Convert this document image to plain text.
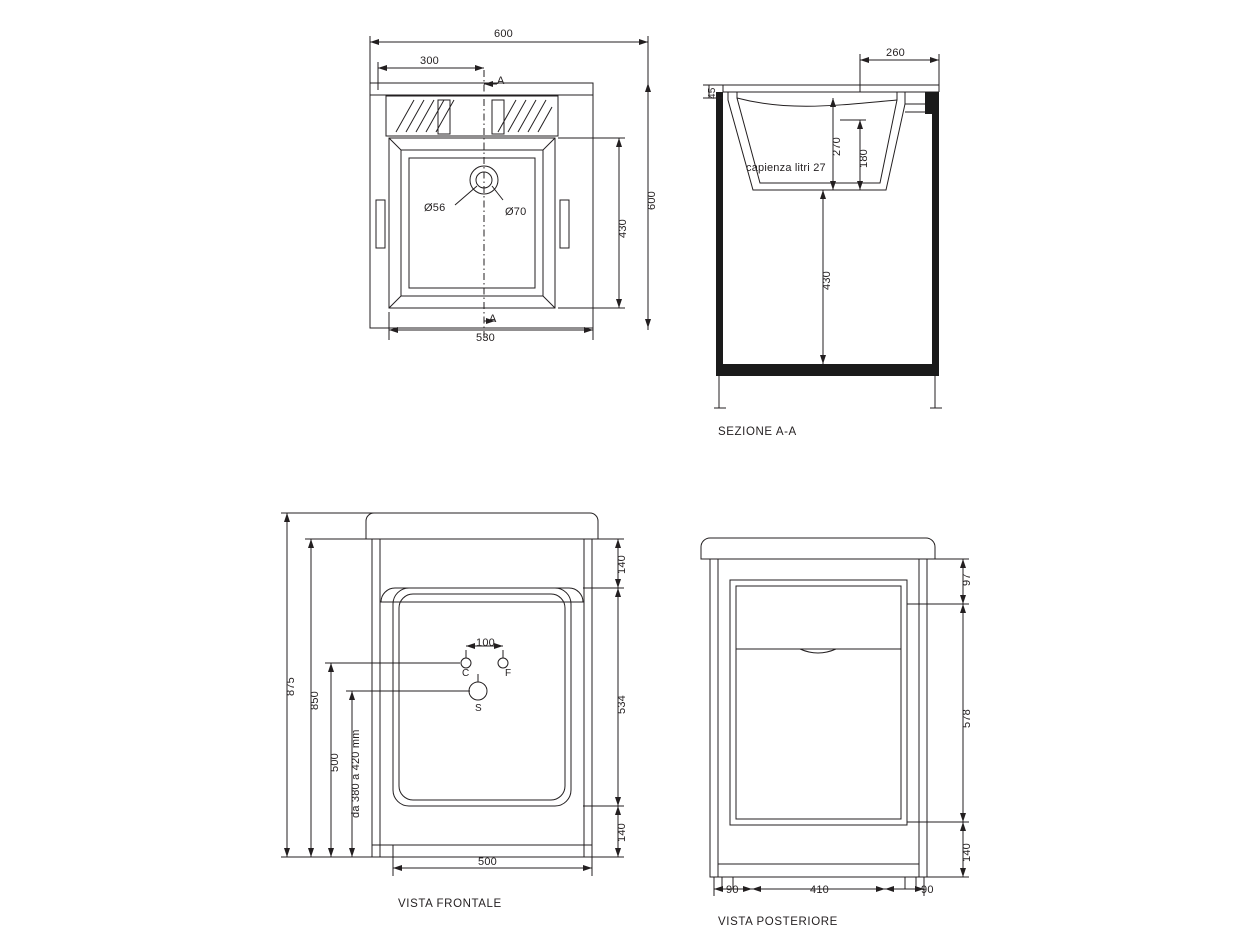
600
300
530
600
430
Ø56	Ø70
A
A
260
45
270
180
430
capienza litri 27
SEZIONE A-A
875
850
500 da 380 a 420 mm
100
140
534
140
500
C	F
S
VISTA FRONTALE
97
578
140
90	410	90
VISTA POSTERIORE
